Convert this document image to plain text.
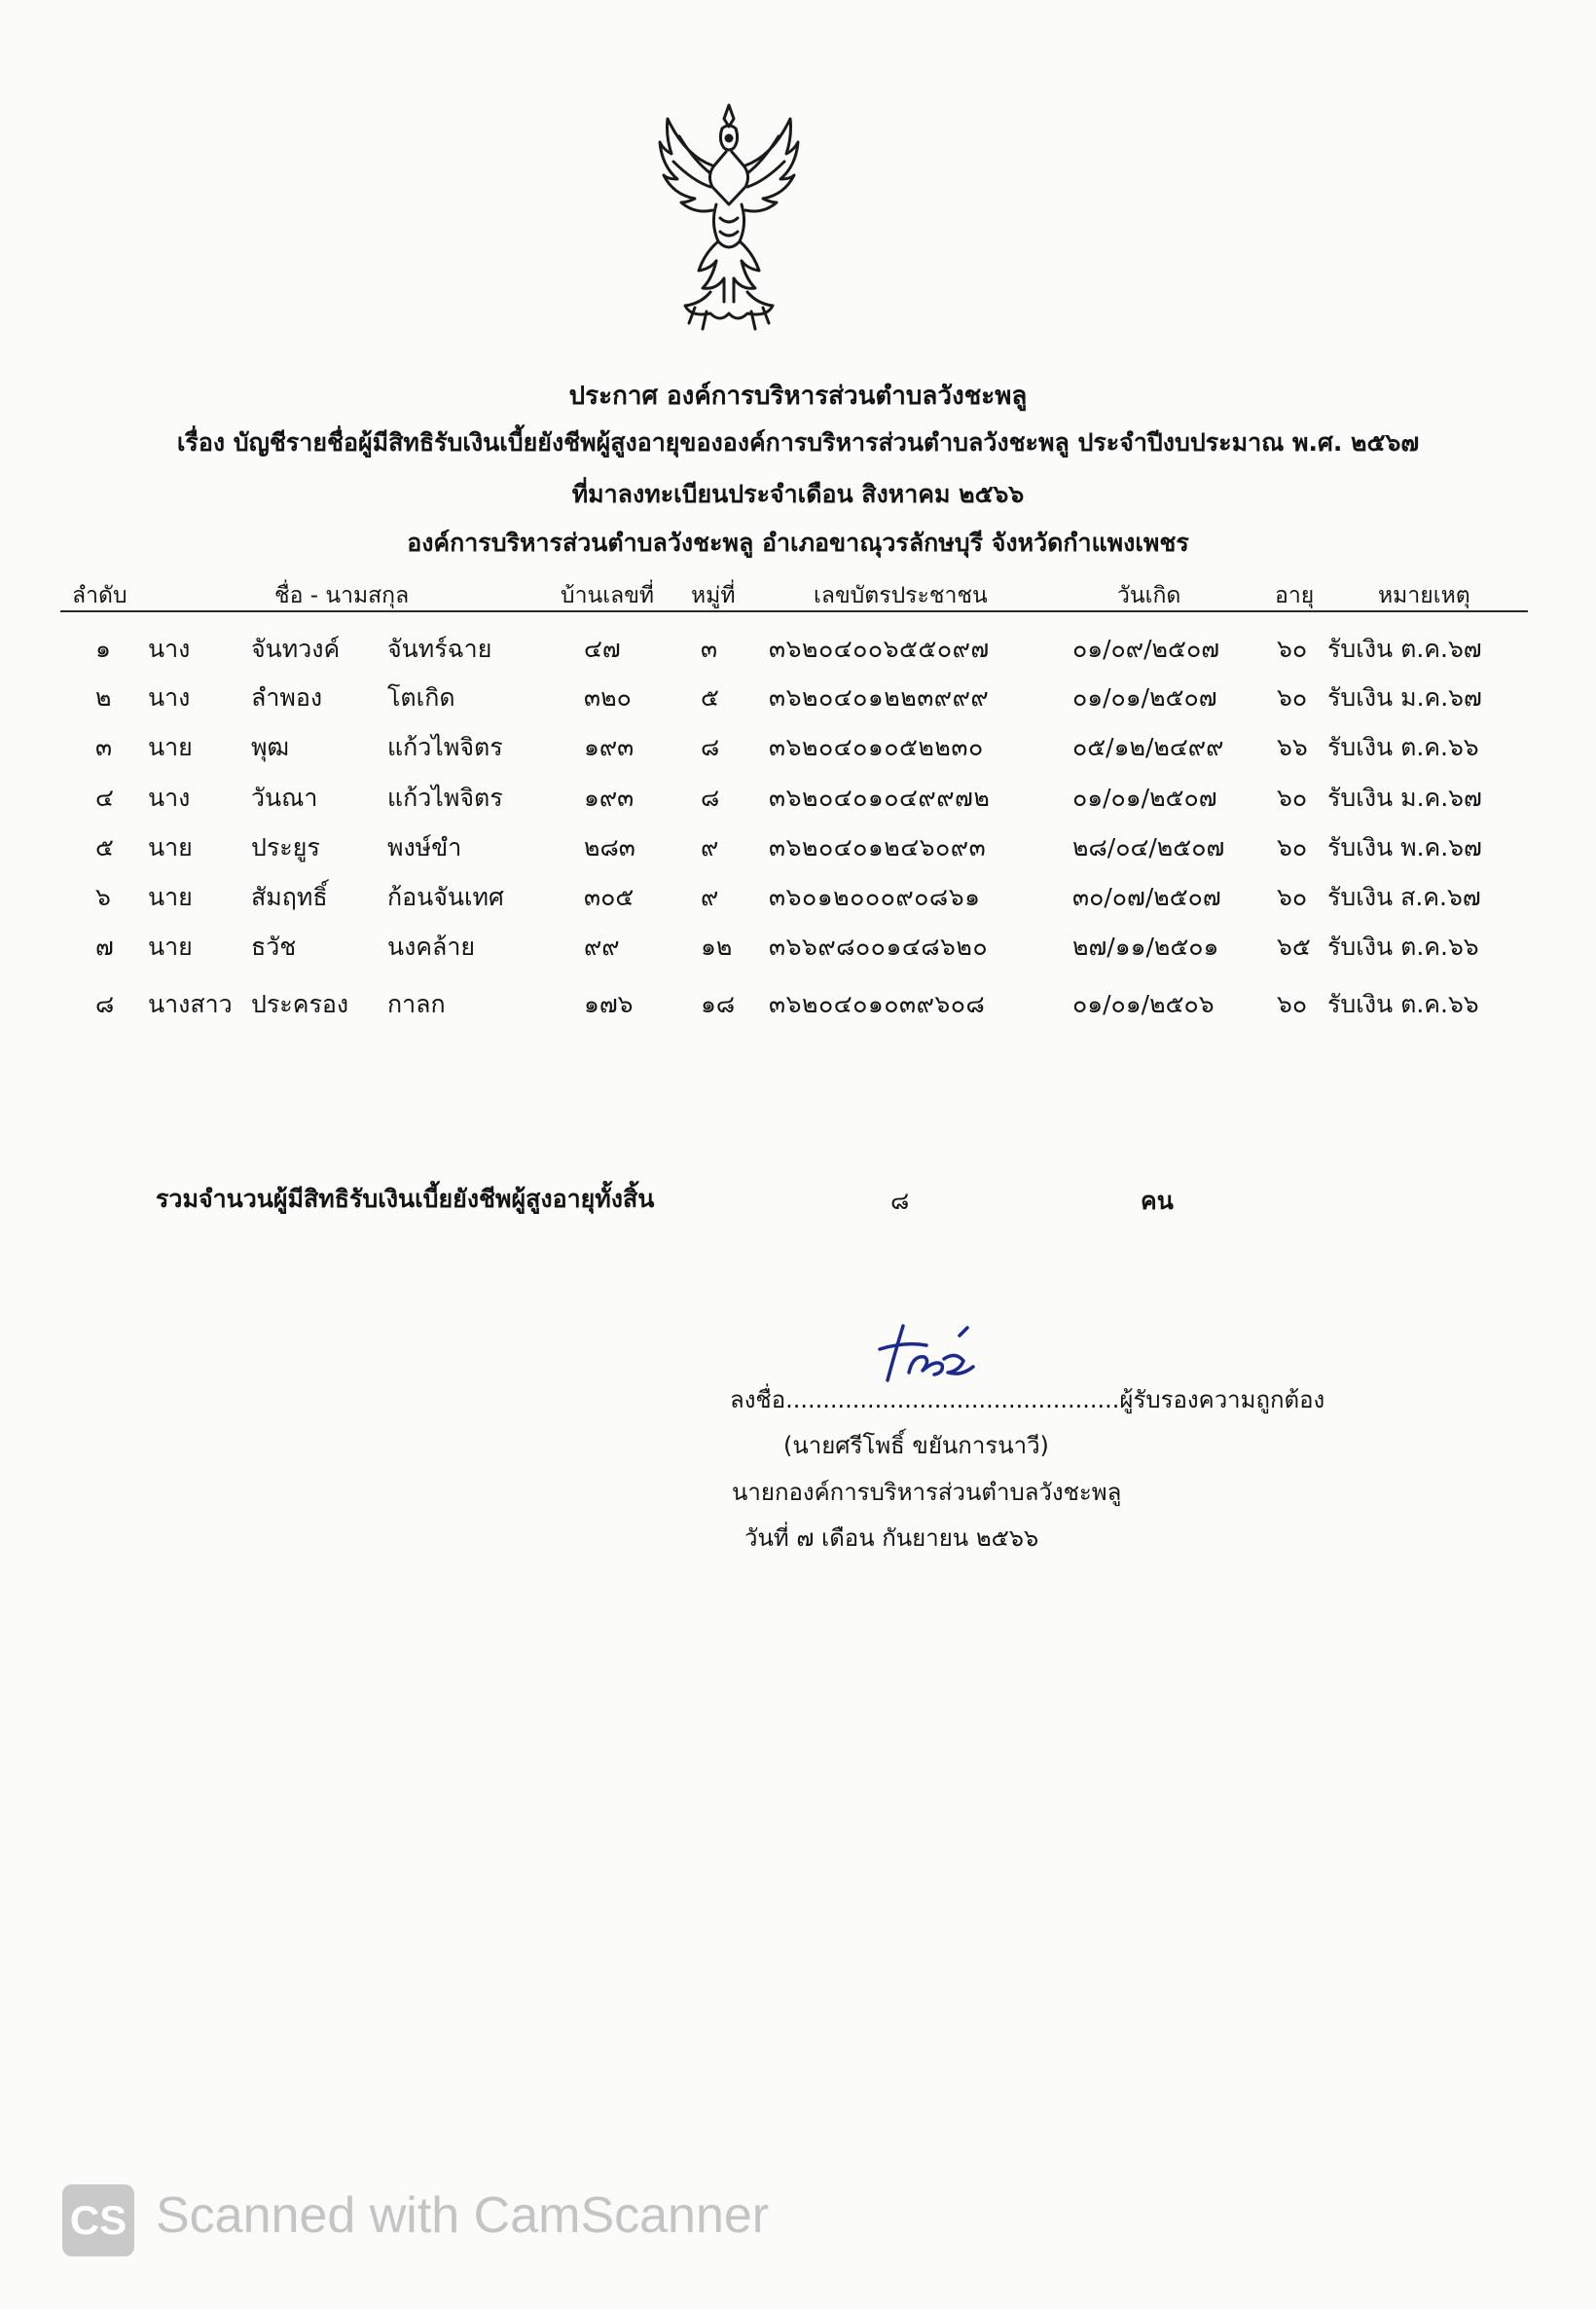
ประกาศ องค์การบริหารส่วนตำบลวังชะพลู
เรื่อง บัญชีรายชื่อผู้มีสิทธิรับเงินเบี้ยยังชีพผู้สูงอายุขององค์การบริหารส่วนตำบลวังชะพลู ประจำปีงบประมาณ พ.ศ. ๒๕๖๗
ที่มาลงทะเบียนประจำเดือน สิงหาคม ๒๕๖๖
องค์การบริหารส่วนตำบลวังชะพลู อำเภอขาณุวรลักษบุรี จังหวัดกำแพงเพชร
ลำดับ	ชื่อ - นามสกุล	บ้านเลขที่ หมู่ที่	เลขบัตรประชาชน	วันเกิด	อายุ	หมายเหตุ
๑ นาง	จันทวงค์ จันทร์ฉาย	๔๗	๓ ๓๖๒๐๔๐๐๖๕๕๐๙๗	๐๑/๐๙/๒๕๐๗ ๖๐ รับเงิน ต.ค.๖๗
๒ นาง	ลำพอง	โตเกิด	๓๒๐	๕ ๓๖๒๐๔๐๑๒๒๓๙๙๙	๐๑/๐๑/๒๕๐๗ ๖๐ รับเงิน ม.ค.๖๗
๓ นาย พุฒ	แก้วไพจิตร	๑๙๓	๘ ๓๖๒๐๔๐๑๐๕๒๒๓๐	๐๕/๑๒/๒๔๙๙ ๖๖ รับเงิน ต.ค.๖๖
๔ นาง	วันณา	แก้วไพจิตร	๑๙๓	๘ ๓๖๒๐๔๐๑๐๔๙๙๗๒	๐๑/๐๑/๒๕๐๗ ๖๐ รับเงิน ม.ค.๖๗
๕ นาย ประยูร	พงษ์ขำ	๒๘๓	๙ ๓๖๒๐๔๐๑๒๔๖๐๙๓	๒๘/๐๔/๒๕๐๗ ๖๐ รับเงิน พ.ค.๖๗
๖ นาย สัมฤทธิ์ ก้อนจันเทศ	๓๐๕	๙ ๓๖๐๑๒๐๐๐๙๐๘๖๑	๓๐/๐๗/๒๕๐๗ ๖๐ รับเงิน ส.ค.๖๗
๗ นาย ธวัช	นงคล้าย	๙๙	๑๒ ๓๖๖๙๘๐๐๑๔๘๖๒๐	๒๗/๑๑/๒๕๐๑ ๖๕ รับเงิน ต.ค.๖๖
๘ นางสาว ประครอง กาลก	๑๗๖	๑๘ ๓๖๒๐๔๐๑๐๓๙๖๐๘	๐๑/๐๑/๒๕๐๖	๖๐ รับเงิน ต.ค.๖๖
รวมจำนวนผู้มีสิทธิรับเงินเบี้ยยังชีพผู้สูงอายุทั้งสิ้น	๘	คน
ลงชื่อ.............................................ผู้รับรองความถูกต้อง
(นายศรีโพธิ์ ขยันการนาวี)
นายกองค์การบริหารส่วนตำบลวังชะพลู
วันที่ ๗ เดือน กันยายน ๒๕๖๖
CS Scanned with CamScanner
